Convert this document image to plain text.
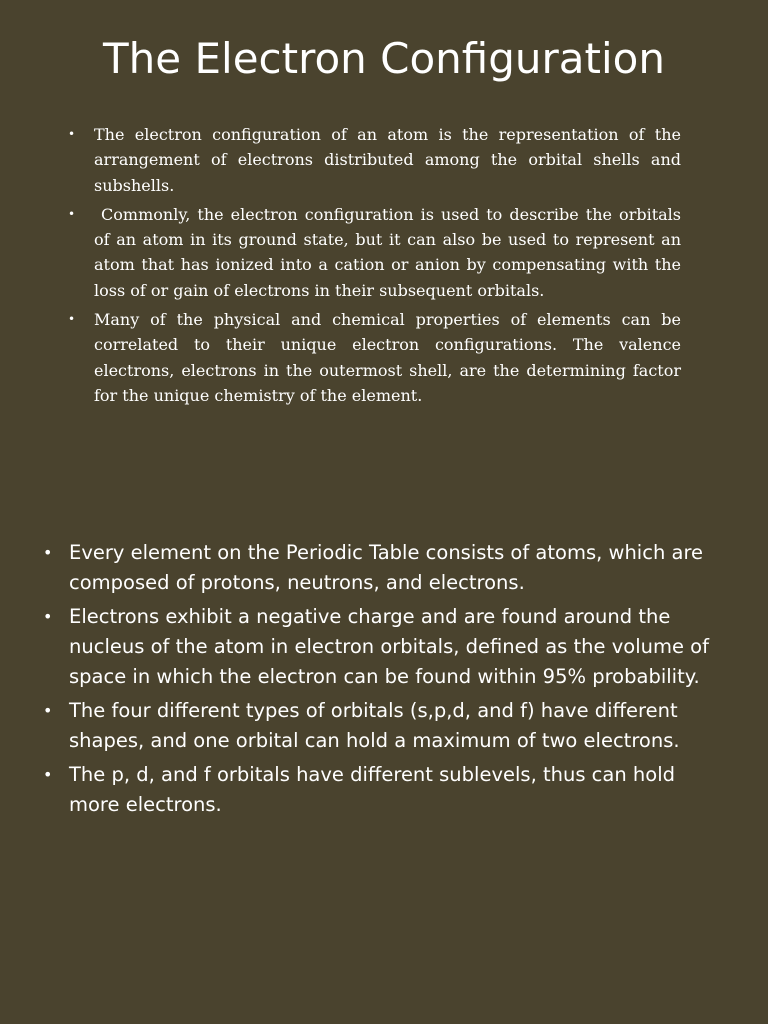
The Electron Configuration
• The electron configuration of an atom is the representation of the arrangement of electrons distributed among the orbital shells and subshells.
• Commonly, the electron configuration is used to describe the orbitals of an atom in its ground state, but it can also be used to represent an atom that has ionized into a cation or anion by compensating with the loss of or gain of electrons in their subsequent orbitals.
• Many of the physical and chemical properties of elements can be correlated to their unique electron configurations. The valence electrons, electrons in the outermost shell, are the determining factor for the unique chemistry of the element.
• Every element on the Periodic Table consists of atoms, which are composed of protons, neutrons, and electrons.
• Electrons exhibit a negative charge and are found around the nucleus of the atom in electron orbitals, defined as the volume of space in which the electron can be found within 95% probability.
• The four different types of orbitals (s,p,d, and f) have different shapes, and one orbital can hold a maximum of two electrons.
• The p, d, and f orbitals have different sublevels, thus can hold more electrons.
